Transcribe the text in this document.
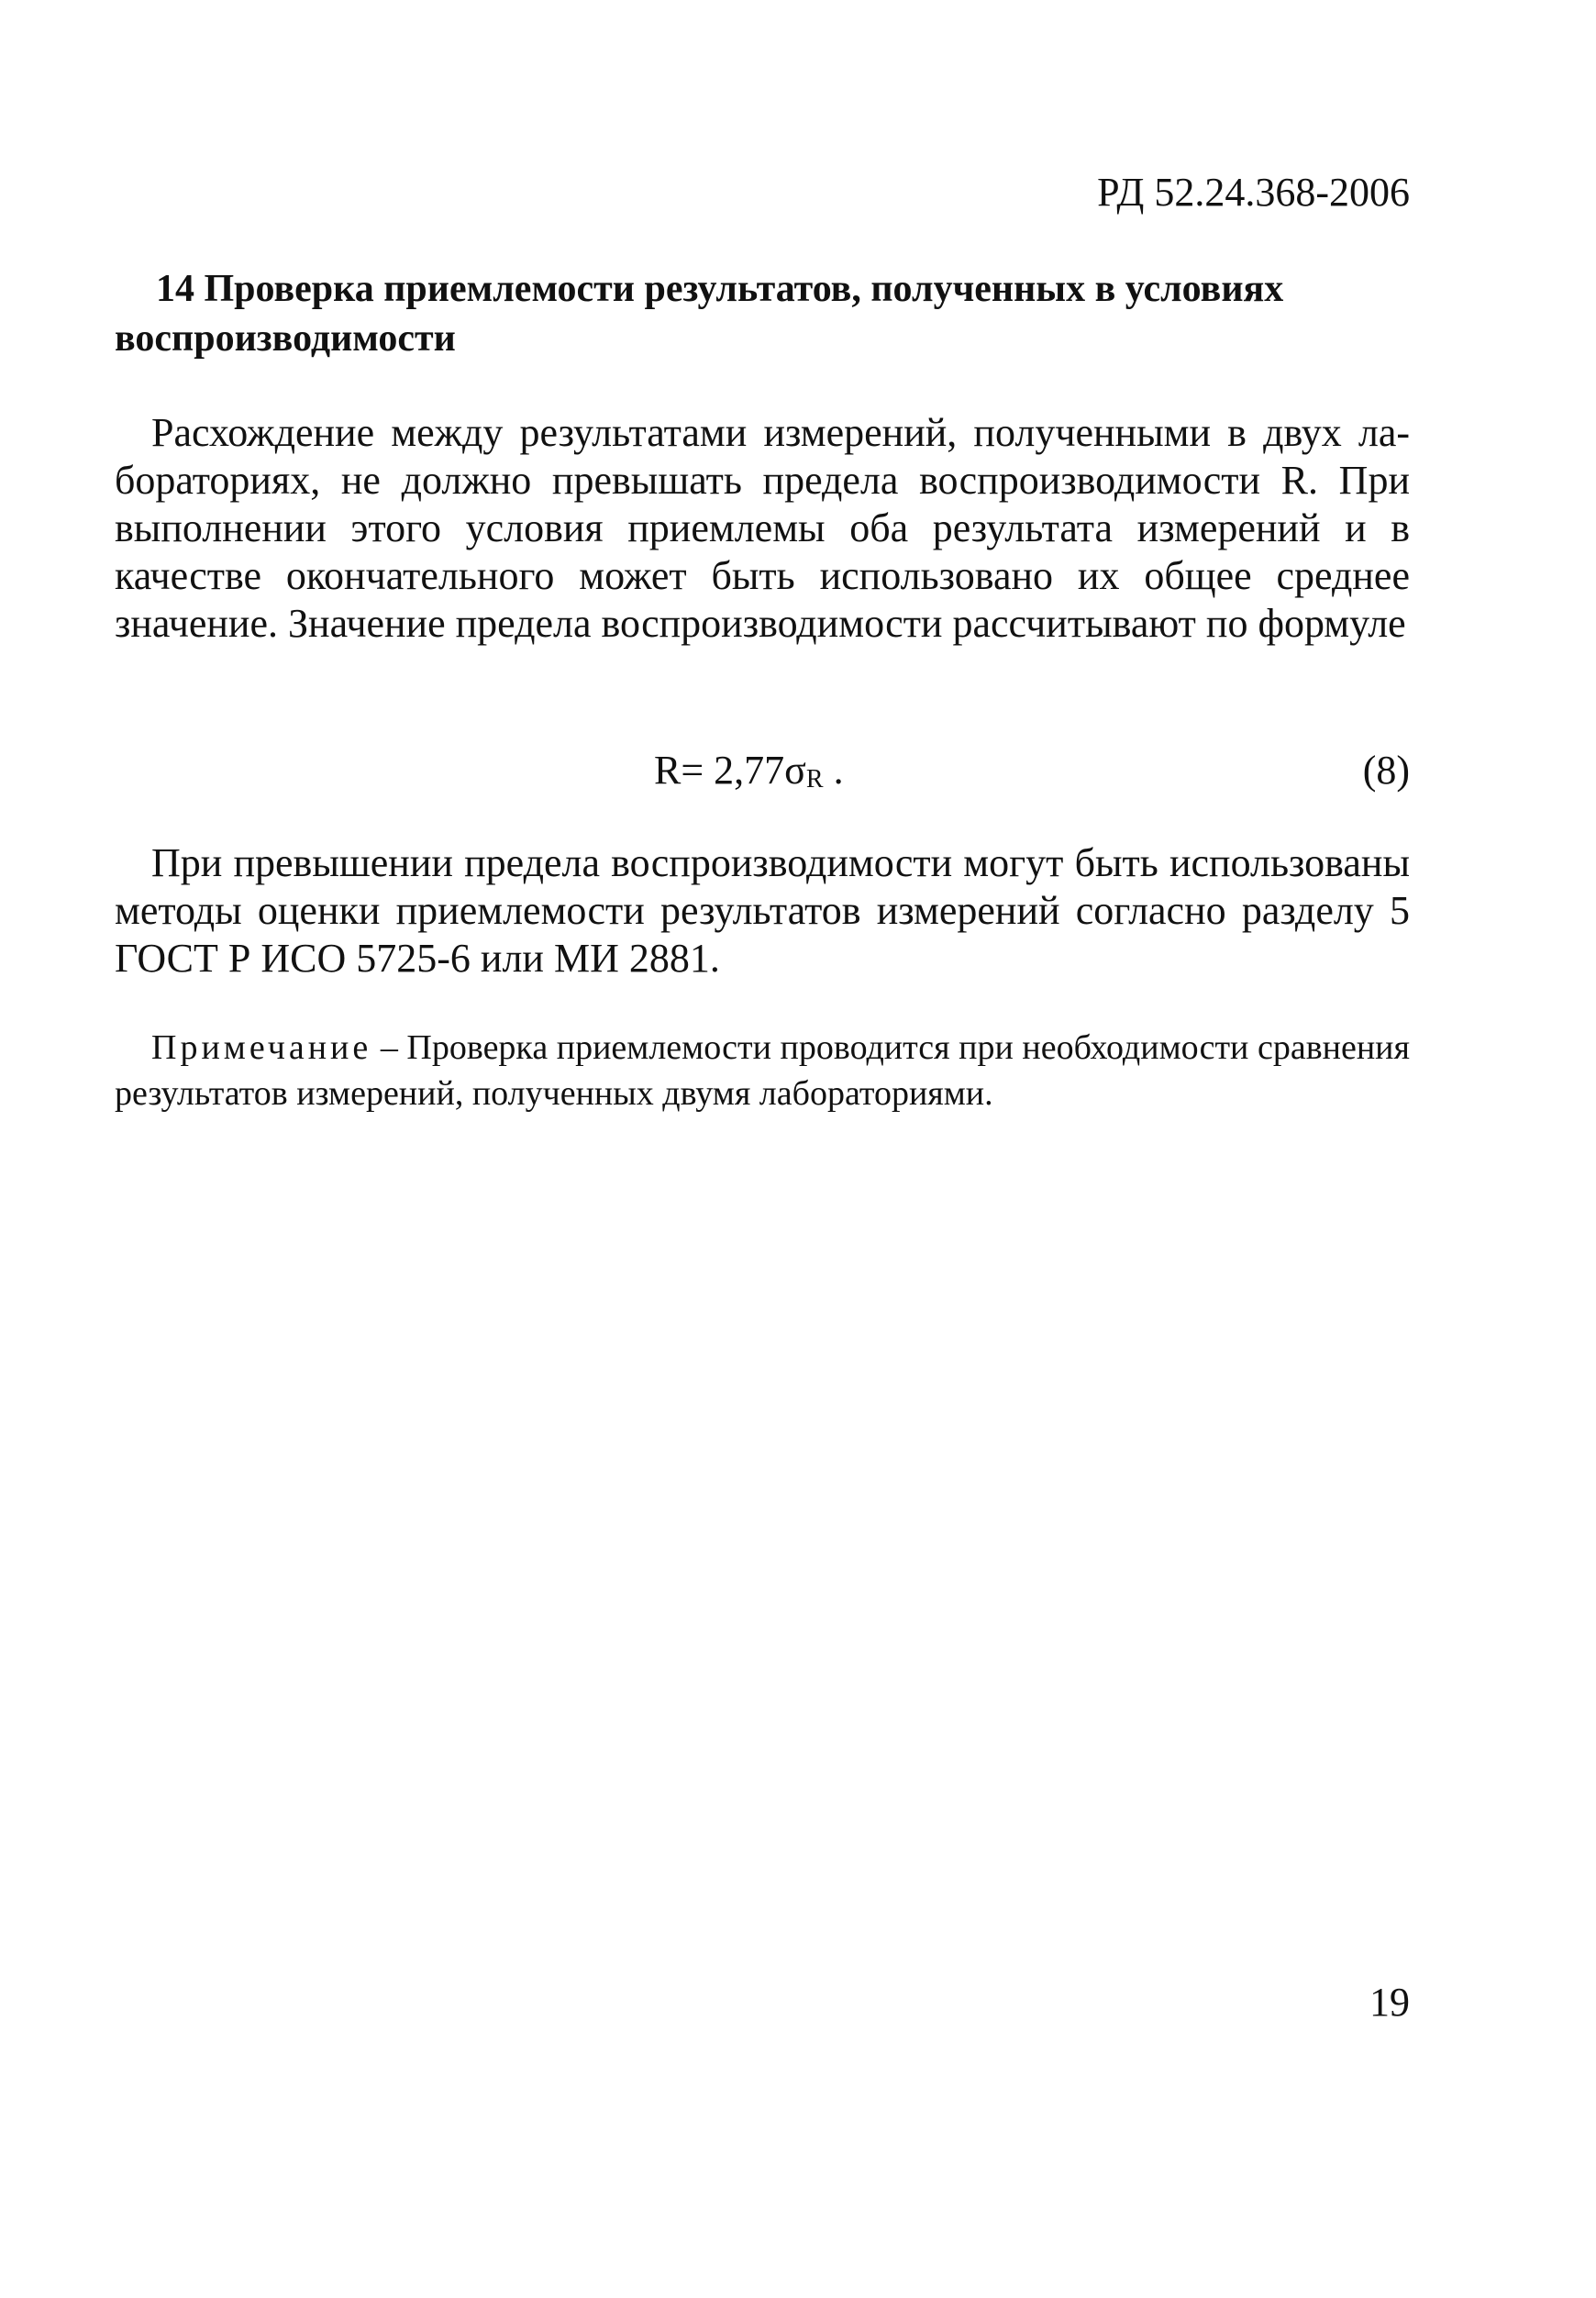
РД 52.24.368-2006
14 Проверка приемлемости результатов, полученных в условиях
воспроизводимости

Расхождение между результатами измерений, полученными в двух лабораториях, не должно превышать предела воспроизводимости R. При выполнении этого условия приемлемы оба результата измерений и в качестве окончательного может быть использовано их общее среднее значение. Значение предела воспроизводимости рассчитывают по формуле

$R= 2,77\sigma_R$ .	(8)

При превышении предела воспроизводимости могут быть использованы методы оценки приемлемости результатов измерений согласно разделу 5 ГОСТ Р ИСО 5725-6 или МИ 2881.

Примечание – Проверка приемлемости проводится при необходимости сравнения результатов измерений, полученных двумя лабораториями.

19
